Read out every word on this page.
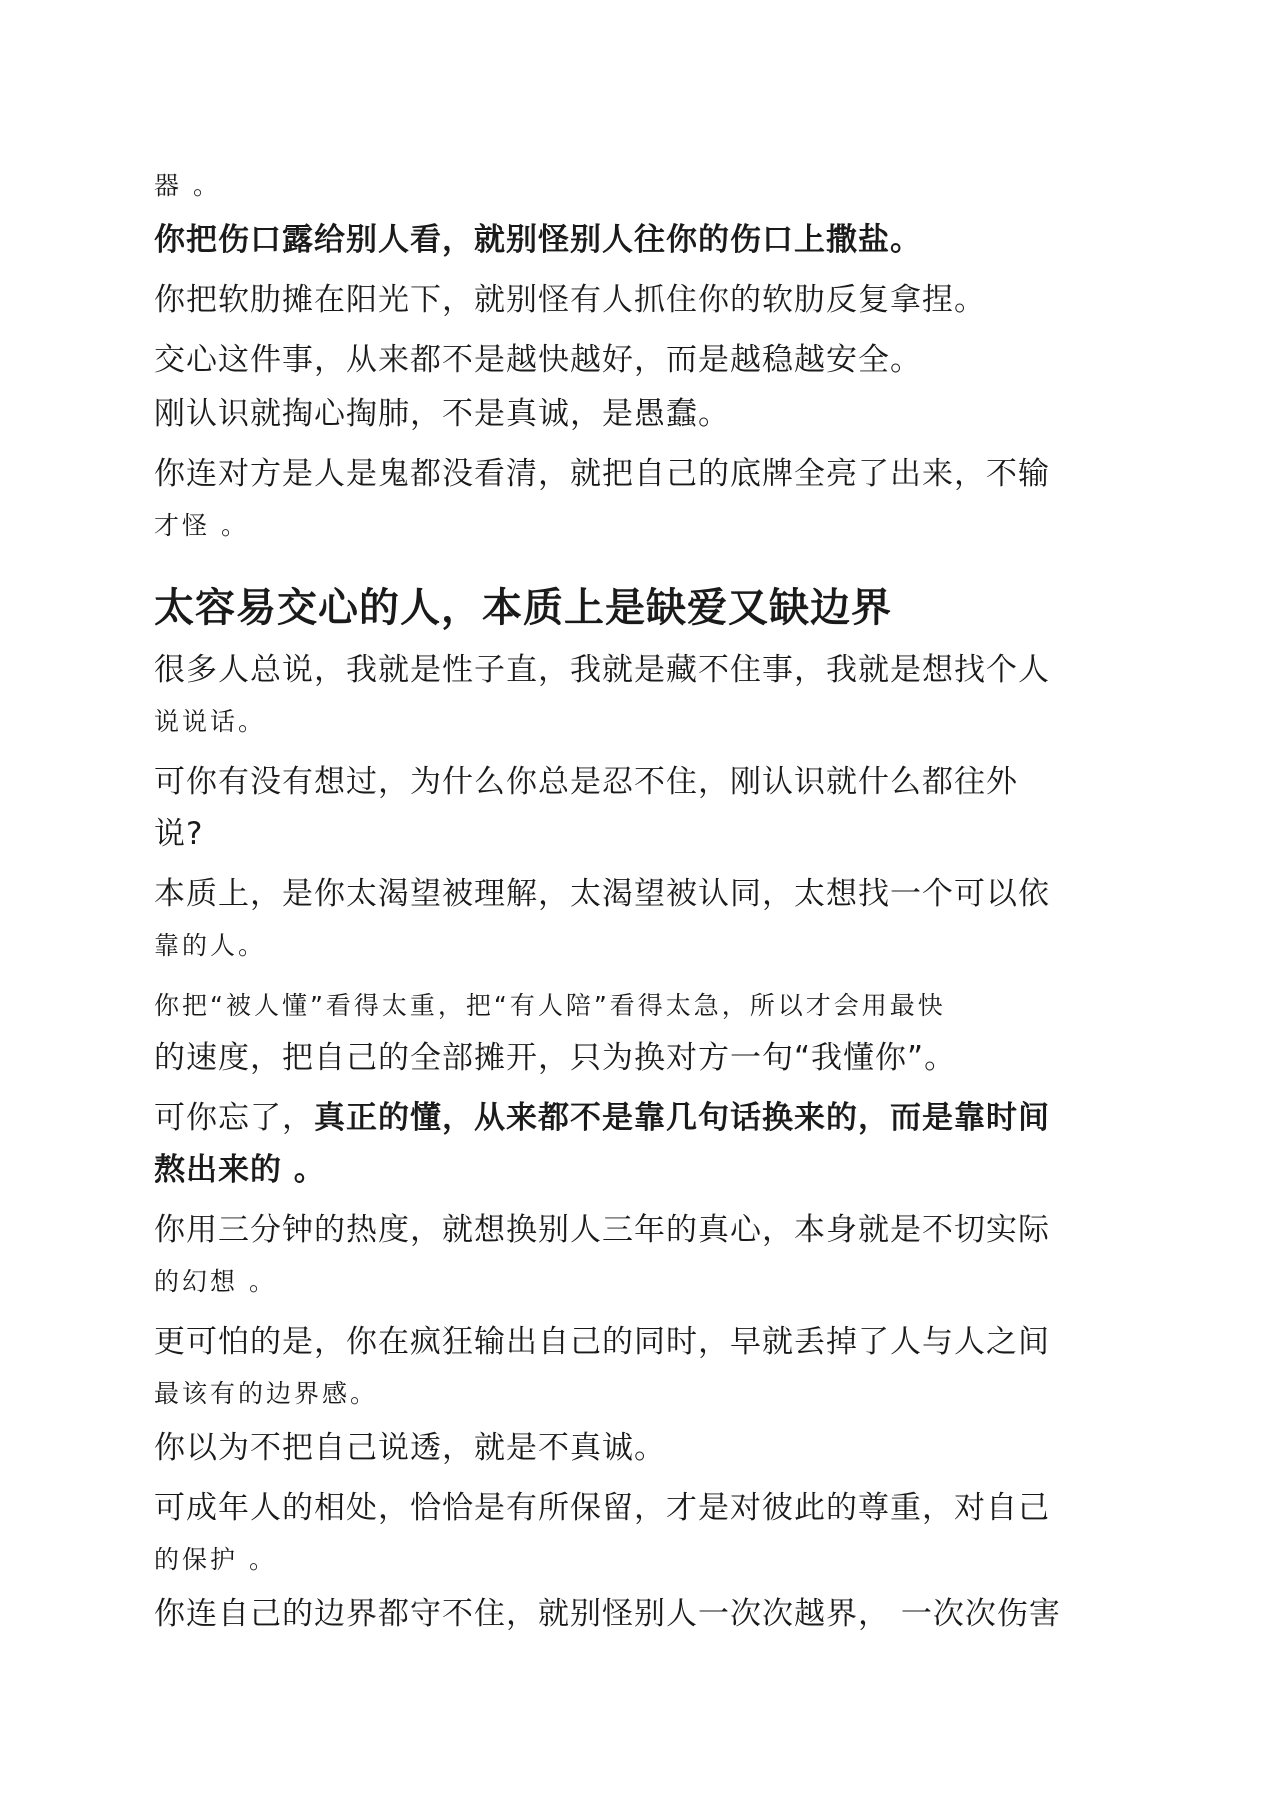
器 。

你把伤口露给别人看，就别怪别人往你的伤口上撒盐。

你把软肋摊在阳光下，就别怪有人抓住你的软肋反复拿捏。

交心这件事，从来都不是越快越好，而是越稳越安全。

刚认识就掏心掏肺，不是真诚，是愚蠢。

你连对方是人是鬼都没看清，就把自己的底牌全亮了出来，不输
才怪 。

太容易交心的人，本质上是缺爱又缺边界

很多人总说，我就是性子直，我就是藏不住事，我就是想找个人
说说话。

可你有没有想过，为什么你总是忍不住，刚认识就什么都往外
说?

本质上，是你太渴望被理解，太渴望被认同，太想找一个可以依
靠的人。

你把“被人懂”看得太重，把“有人陪”看得太急，所以才会用最快
的速度，把自己的全部摊开，只为换对方一句“我懂你”。

可你忘了，真正的懂，从来都不是靠几句话换来的，而是靠时间
熬出来的 。

你用三分钟的热度，就想换别人三年的真心，本身就是不切实际
的幻想 。

更可怕的是，你在疯狂输出自己的同时，早就丢掉了人与人之间
最该有的边界感。

你以为不把自己说透，就是不真诚。

可成年人的相处，恰恰是有所保留，才是对彼此的尊重，对自己
的保护 。

你连自己的边界都守不住，就别怪别人一次次越界， 一次次伤害
